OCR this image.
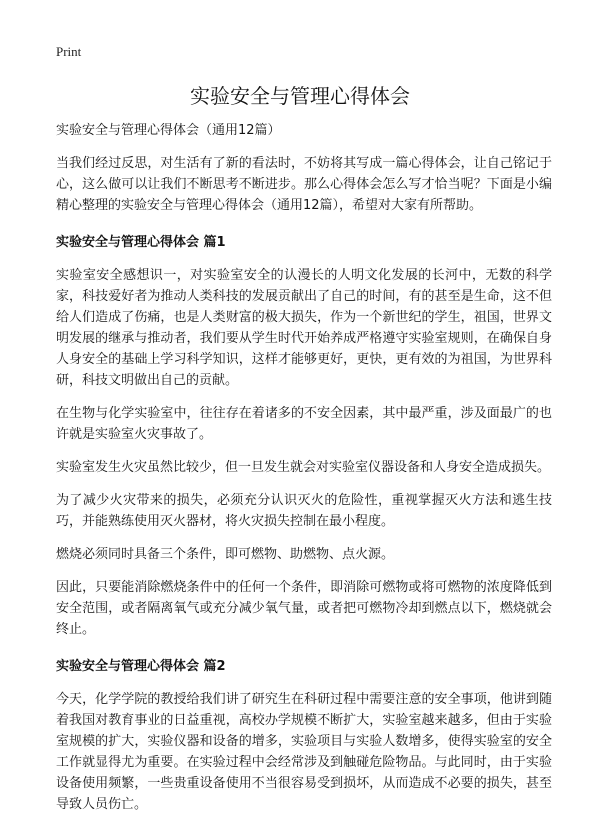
Print
实验安全与管理心得体会

实验安全与管理心得体会（通用12篇）

当我们经过反思，对生活有了新的看法时，不妨将其写成一篇心得体会，让自己铭记于心，这么做可以让我们不断思考不断进步。那么心得体会怎么写才恰当呢？下面是小编精心整理的实验安全与管理心得体会（通用12篇），希望对大家有所帮助。

实验安全与管理心得体会 篇1

实验室安全感想识一，对实验室安全的认漫长的人明文化发展的长河中，无数的科学家，科技爱好者为推动人类科技的发展贡献出了自己的时间，有的甚至是生命，这不但给人们造成了伤痛，也是人类财富的极大损失，作为一个新世纪的学生，祖国，世界文明发展的继承与推动者，我们要从学生时代开始养成严格遵守实验室规则，在确保自身人身安全的基础上学习科学知识，这样才能够更好，更快，更有效的为祖国，为世界科研，科技文明做出自己的贡献。

在生物与化学实验室中，往往存在着诸多的不安全因素，其中最严重，涉及面最广的也许就是实验室火灾事故了。

实验室发生火灾虽然比较少，但一旦发生就会对实验室仪器设备和人身安全造成损失。

为了减少火灾带来的损失，必须充分认识灭火的危险性，重视掌握灭火方法和逃生技巧，并能熟练使用灭火器材，将火灾损失控制在最小程度。

燃烧必须同时具备三个条件，即可燃物、助燃物、点火源。

因此，只要能消除燃烧条件中的任何一个条件，即消除可燃物或将可燃物的浓度降低到安全范围，或者隔离氧气或充分减少氧气量，或者把可燃物冷却到燃点以下，燃烧就会终止。

实验安全与管理心得体会 篇2

今天，化学学院的教授给我们讲了研究生在科研过程中需要注意的安全事项，他讲到随着我国对教育事业的日益重视，高校办学规模不断扩大，实验室越来越多，但由于实验室规模的扩大，实验仪器和设备的增多，实验项目与实验人数增多，使得实验室的安全工作就显得尤为重要。在实验过程中会经常涉及到触碰危险物品。与此同时，由于实验设备使用频繁，一些贵重设备使用不当很容易受到损坏，从而造成不必要的损失，甚至导致人员伤亡。
